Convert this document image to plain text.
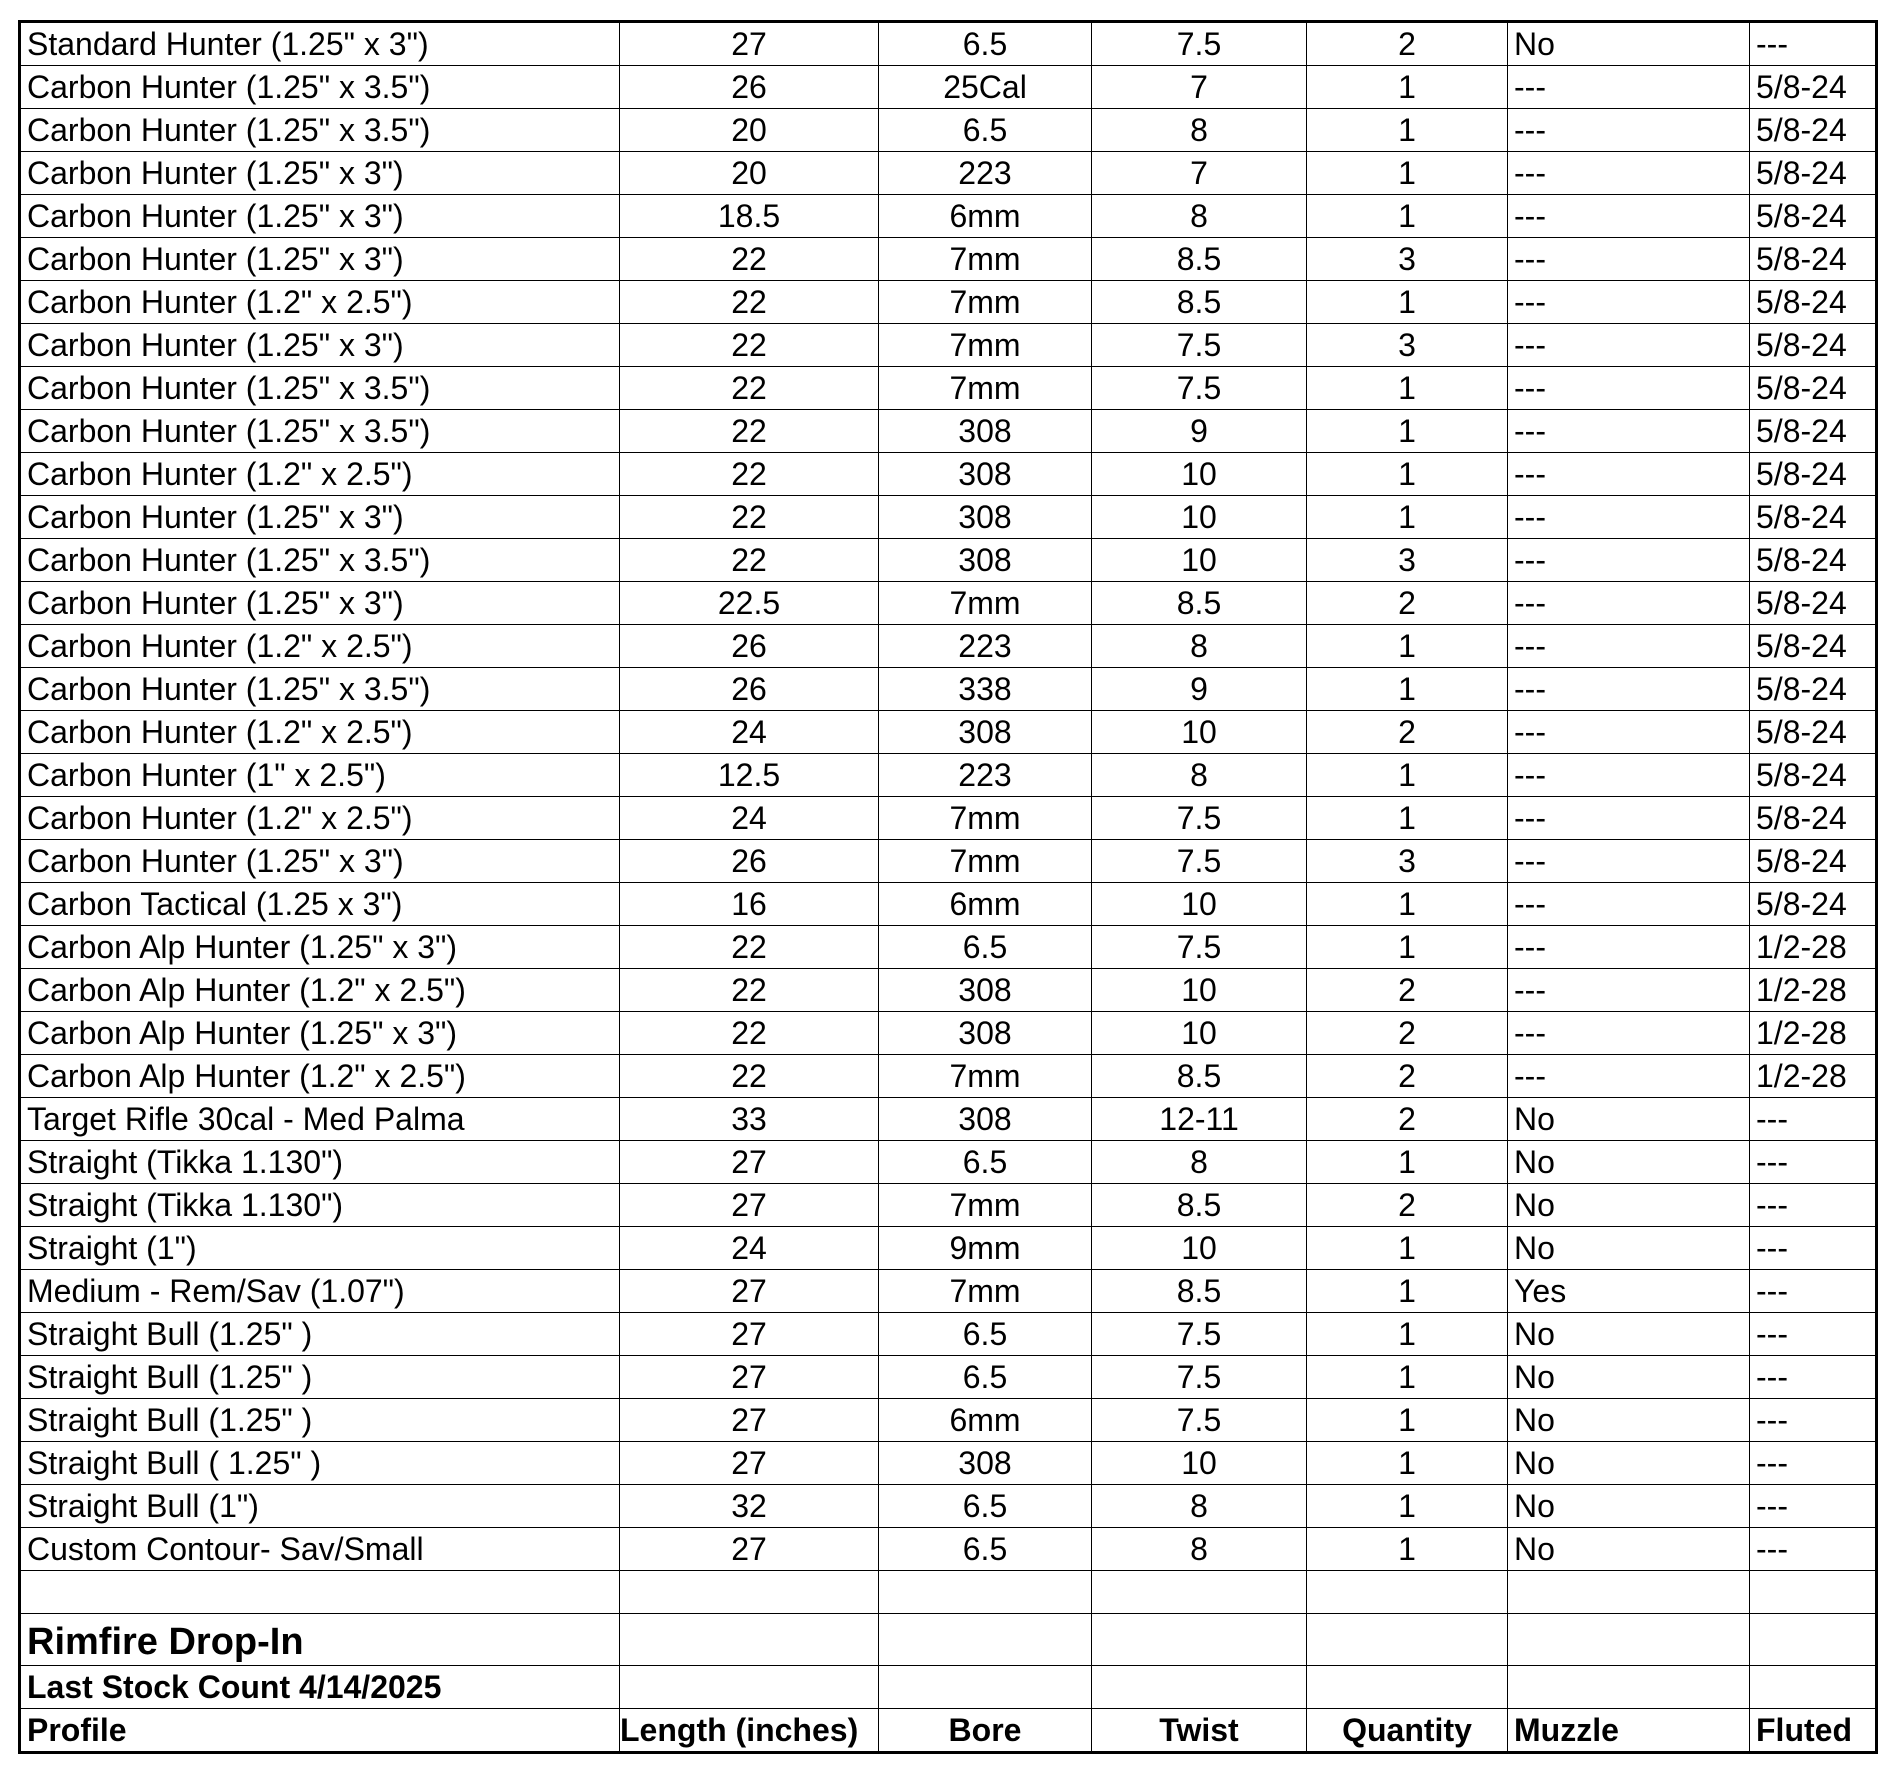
Standard Hunter (1.25" x 3")	27	6.5	7.5	2	No	---
Carbon Hunter (1.25" x 3.5")	26	25Cal	7	1	---	5/8-24
Carbon Hunter (1.25" x 3.5")	20	6.5	8	1	---	5/8-24
Carbon Hunter (1.25" x 3")	20	223	7	1	---	5/8-24
Carbon Hunter (1.25" x 3")	18.5	6mm	8	1	---	5/8-24
Carbon Hunter (1.25" x 3")	22	7mm	8.5	3	---	5/8-24
Carbon Hunter (1.2" x 2.5")	22	7mm	8.5	1	---	5/8-24
Carbon Hunter (1.25" x 3")	22	7mm	7.5	3	---	5/8-24
Carbon Hunter (1.25" x 3.5")	22	7mm	7.5	1	---	5/8-24
Carbon Hunter (1.25" x 3.5")	22	308	9	1	---	5/8-24
Carbon Hunter (1.2" x 2.5")	22	308	10	1	---	5/8-24
Carbon Hunter (1.25" x 3")	22	308	10	1	---	5/8-24
Carbon Hunter (1.25" x 3.5")	22	308	10	3	---	5/8-24
Carbon Hunter (1.25" x 3")	22.5	7mm	8.5	2	---	5/8-24
Carbon Hunter (1.2" x 2.5")	26	223	8	1	---	5/8-24
Carbon Hunter (1.25" x 3.5")	26	338	9	1	---	5/8-24
Carbon Hunter (1.2" x 2.5")	24	308	10	2	---	5/8-24
Carbon Hunter (1" x 2.5")	12.5	223	8	1	---	5/8-24
Carbon Hunter (1.2" x 2.5")	24	7mm	7.5	1	---	5/8-24
Carbon Hunter (1.25" x 3")	26	7mm	7.5	3	---	5/8-24
Carbon Tactical (1.25 x 3")	16	6mm	10	1	---	5/8-24
Carbon Alp Hunter (1.25" x 3")	22	6.5	7.5	1	---	1/2-28
Carbon Alp Hunter (1.2" x 2.5")	22	308	10	2	---	1/2-28
Carbon Alp Hunter (1.25" x 3")	22	308	10	2	---	1/2-28
Carbon Alp Hunter (1.2" x 2.5")	22	7mm	8.5	2	---	1/2-28
Target Rifle 30cal - Med Palma	33	308	12-11	2	No	---
Straight (Tikka 1.130")	27	6.5	8	1	No	---
Straight (Tikka 1.130")	27	7mm	8.5	2	No	---
Straight (1")	24	9mm	10	1	No	---
Medium - Rem/Sav (1.07")	27	7mm	8.5	1	Yes	---
Straight Bull (1.25" )	27	6.5	7.5	1	No	---
Straight Bull (1.25" )	27	6.5	7.5	1	No	---
Straight Bull (1.25" )	27	6mm	7.5	1	No	---
Straight Bull ( 1.25" )	27	308	10	1	No	---
Straight Bull (1")	32	6.5	8	1	No	---
Custom Contour- Sav/Small	27	6.5	8	1	No	---

Rimfire Drop-In						
Last Stock Count 4/14/2025						
Profile	Length (inches)	Bore	Twist	Quantity	Muzzle	Fluted
